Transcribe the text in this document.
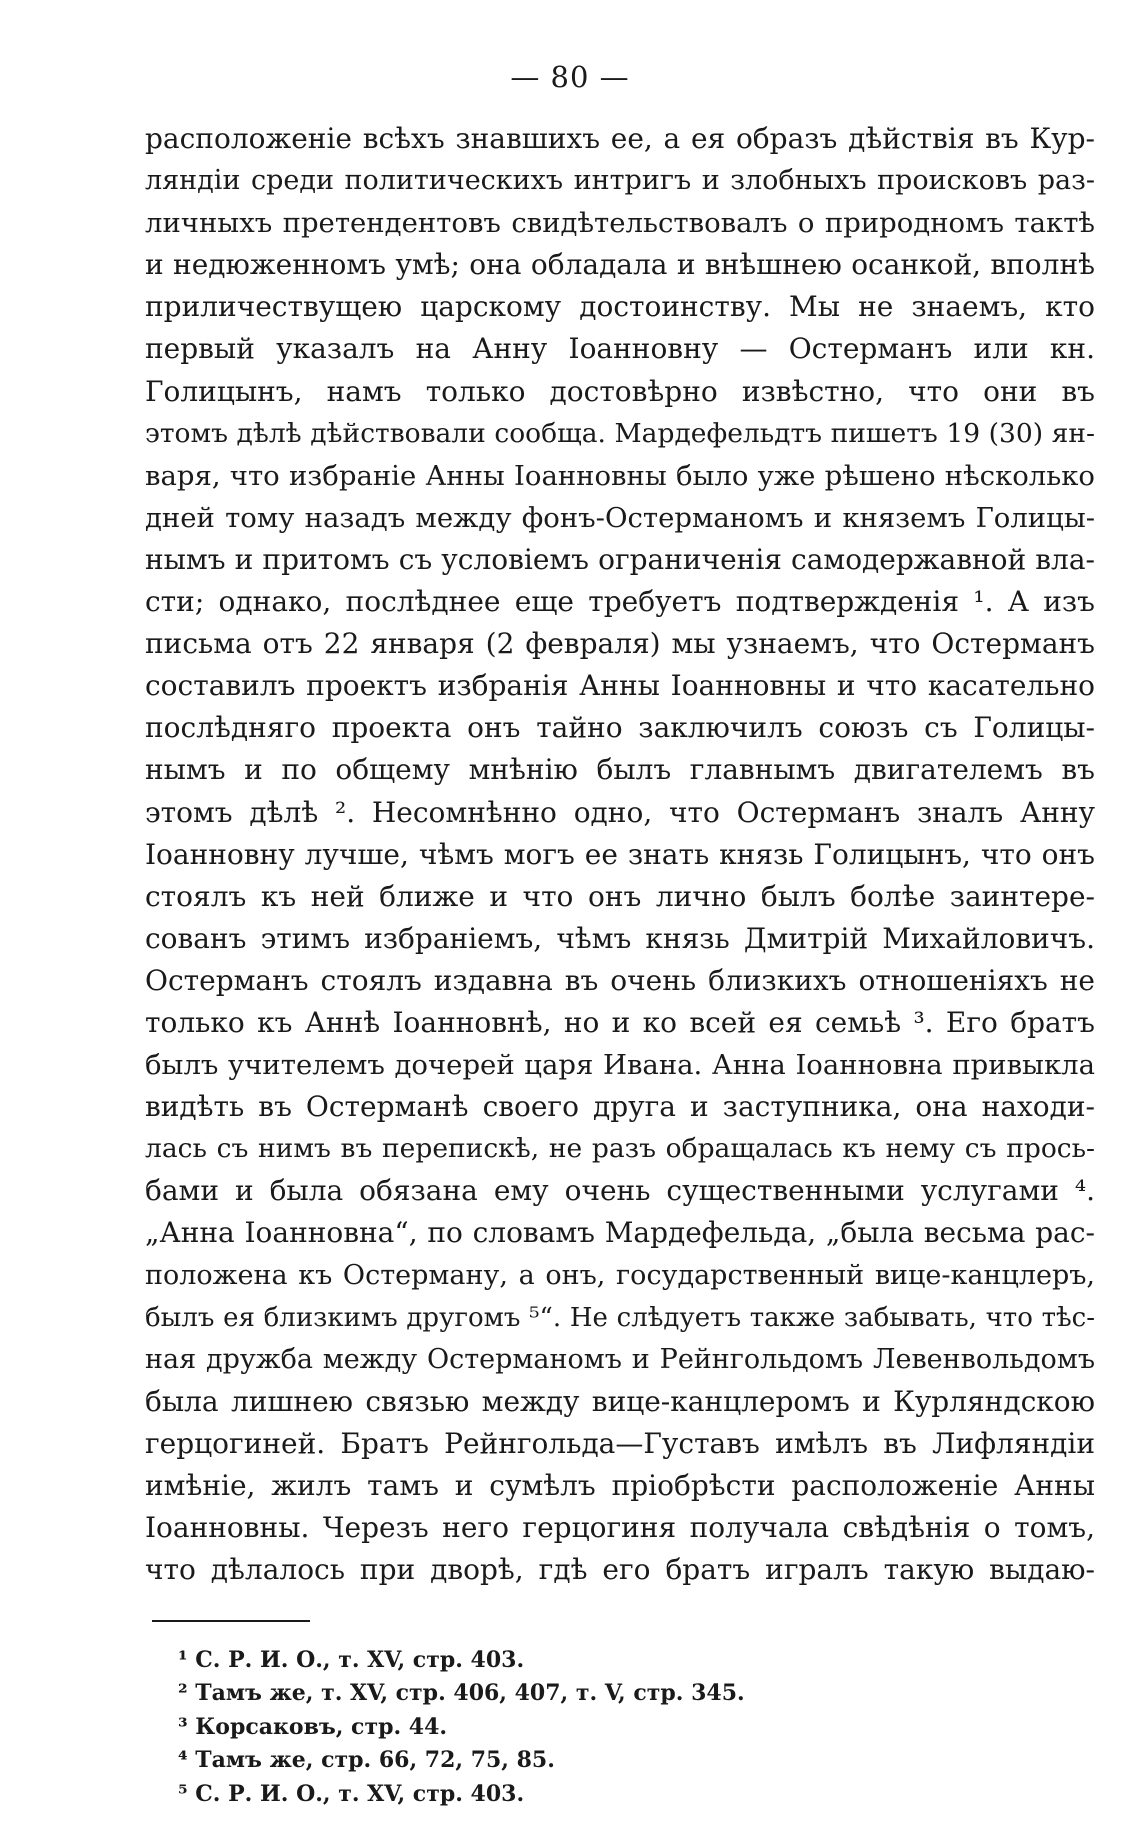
— 80 —
расположеніе всѣхъ знавшихъ ее, а ея образъ дѣйствія въ Кур-
ляндіи среди политическихъ интригъ и злобныхъ происковъ раз-
личныхъ претендентовъ свидѣтельствовалъ о природномъ тактѣ
и недюженномъ умѣ; она обладала и внѣшнею осанкой, вполнѣ
приличествущею царскому достоинству. Мы не знаемъ, кто
первый указалъ на Анну Іоанновну — Остерманъ или кн.
Голицынъ, намъ только достовѣрно извѣстно, что они въ
этомъ дѣлѣ дѣйствовали сообща. Мардефельдтъ пишетъ 19 (30) ян-
варя, что избраніе Анны Іоанновны было уже рѣшено нѣсколько
дней тому назадъ между фонъ-Остерманомъ и княземъ Голицы-
нымъ и притомъ съ условіемъ ограниченія самодержавной вла-
сти; однако, послѣднее еще требуетъ подтвержденія ¹. А изъ
письма отъ 22 января (2 февраля) мы узнаемъ, что Остерманъ
составилъ проектъ избранія Анны Іоанновны и что касательно
послѣдняго проекта онъ тайно заключилъ союзъ съ Голицы-
нымъ и по общему мнѣнію былъ главнымъ двигателемъ въ
этомъ дѣлѣ ². Несомнѣнно одно, что Остерманъ зналъ Анну
Іоанновну лучше, чѣмъ могъ ее знать князь Голицынъ, что онъ
стоялъ къ ней ближе и что онъ лично былъ болѣе заинтере-
сованъ этимъ избраніемъ, чѣмъ князь Дмитрій Михайловичъ.
Остерманъ стоялъ издавна въ очень близкихъ отношеніяхъ не
только къ Аннѣ Іоанновнѣ, но и ко всей ея семьѣ ³. Его братъ
былъ учителемъ дочерей царя Ивана. Анна Іоанновна привыкла
видѣть въ Остерманѣ своего друга и заступника, она находи-
лась съ нимъ въ перепискѣ, не разъ обращалась къ нему съ прось-
бами и была обязана ему очень существенными услугами ⁴.
„Анна Іоанновна“, по словамъ Мардефельда, „была весьма рас-
положена къ Остерману, а онъ, государственный вице-канцлеръ,
былъ ея близкимъ другомъ ⁵“. Не слѣдуетъ также забывать, что тѣс-
ная дружба между Остерманомъ и Рейнгольдомъ Левенвольдомъ
была лишнею связью между вице-канцлеромъ и Курляндскою
герцогиней. Братъ Рейнгольда—Густавъ имѣлъ въ Лифляндіи
имѣніе, жилъ тамъ и сумѣлъ пріобрѣсти расположеніе Анны
Іоанновны. Черезъ него герцогиня получала свѣдѣнія о томъ,
что дѣлалось при дворѣ, гдѣ его братъ игралъ такую выдаю-
¹ С. Р. И. О., т. XV, стр. 403.
² Тамъ же, т. XV, стр. 406, 407, т. V, стр. 345.
³ Корсаковъ, стр. 44.
⁴ Тамъ же, стр. 66, 72, 75, 85.
⁵ С. Р. И. О., т. XV, стр. 403.
